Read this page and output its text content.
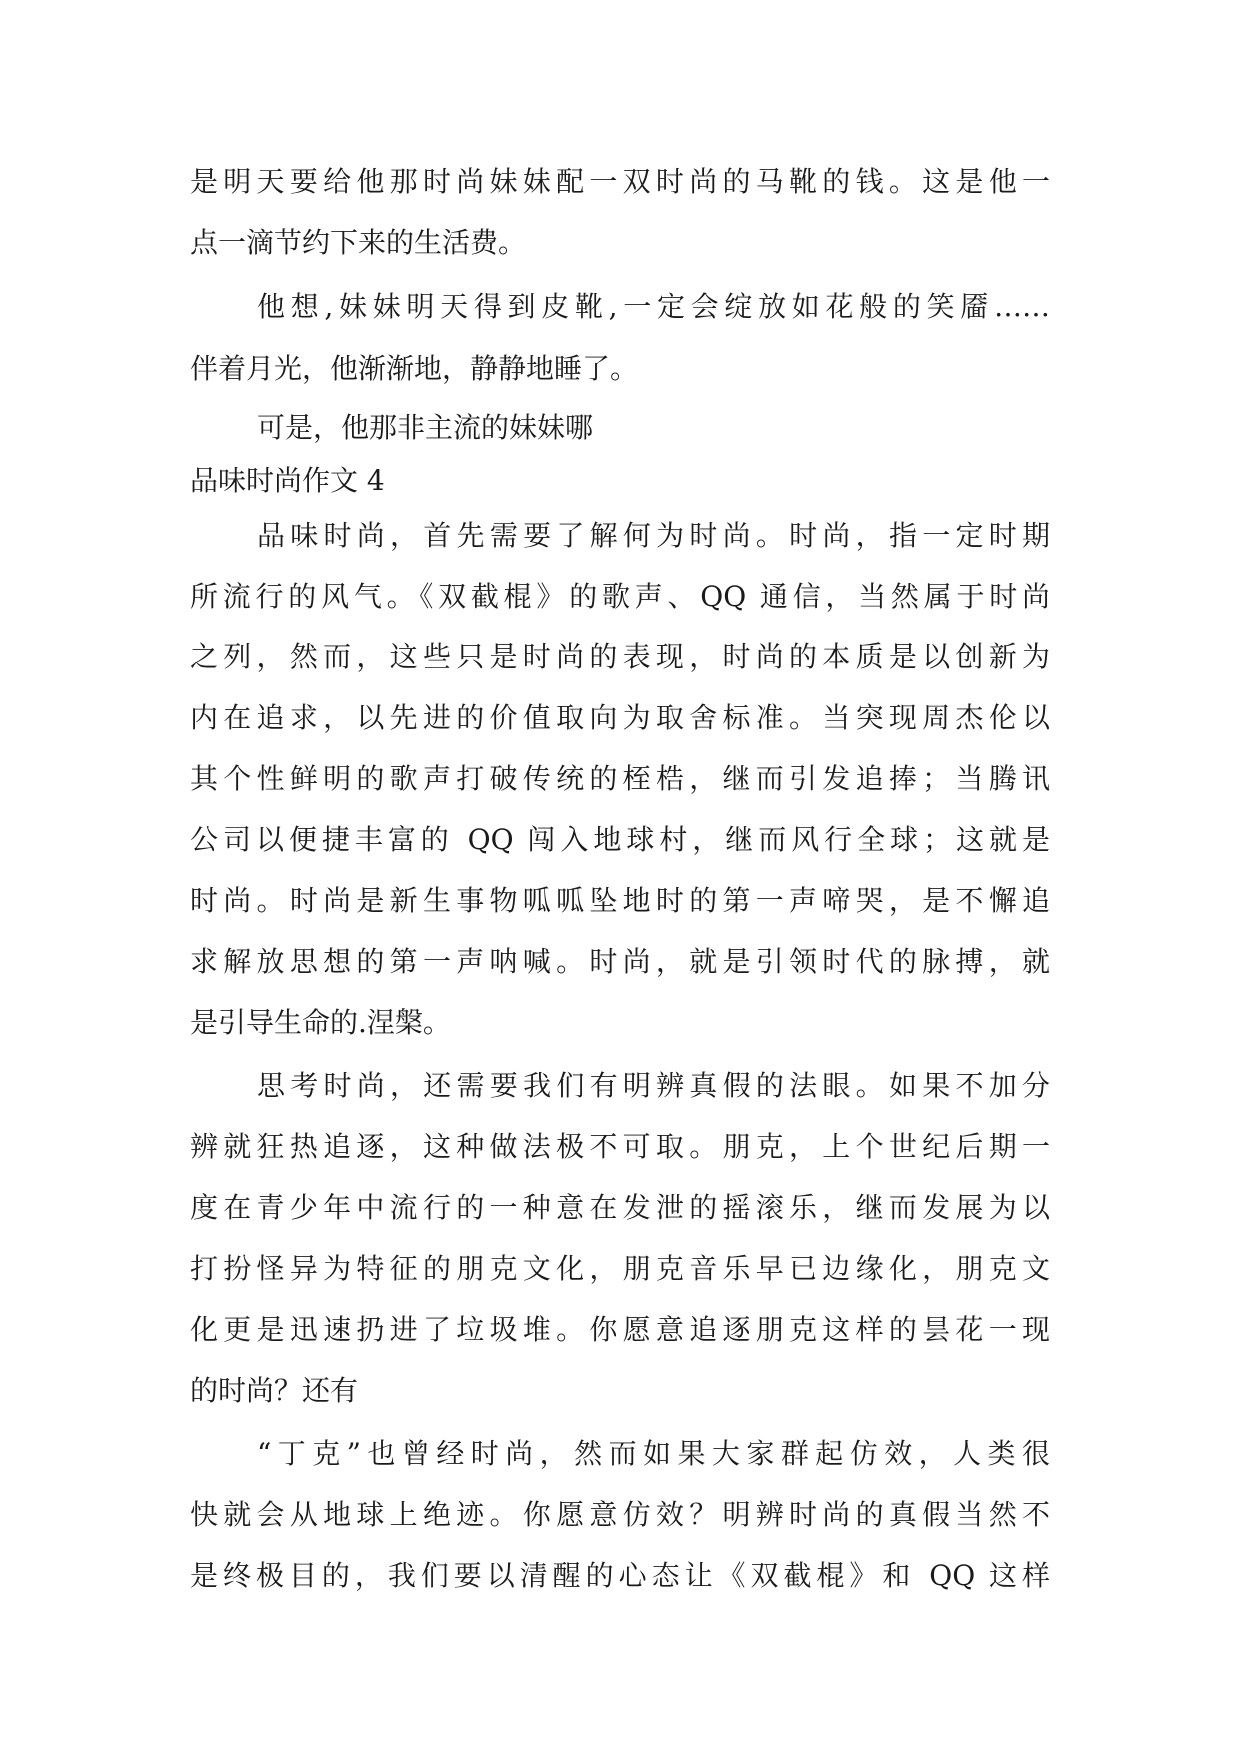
是明天要给他那时尚妹妹配一双时尚的马靴的钱。这是他一
点一滴节约下来的生活费。
他想,妹妹明天得到皮靴,一定会绽放如花般的笑靥……
伴着月光，他渐渐地，静静地睡了。
可是，他那非主流的妹妹哪
品味时尚作文 4
品味时尚，首先需要了解何为时尚。时尚，指一定时期
所流行的风气。《双截棍》的歌声、QQ 通信，当然属于时尚
之列，然而，这些只是时尚的表现，时尚的本质是以创新为
内在追求，以先进的价值取向为取舍标准。当突现周杰伦以
其个性鲜明的歌声打破传统的桎梏，继而引发追捧；当腾讯
公司以便捷丰富的 QQ 闯入地球村，继而风行全球；这就是
时尚。时尚是新生事物呱呱坠地时的第一声啼哭，是不懈追
求解放思想的第一声呐喊。时尚，就是引领时代的脉搏，就
是引导生命的.涅槃。
思考时尚，还需要我们有明辨真假的法眼。如果不加分
辨就狂热追逐，这种做法极不可取。朋克，上个世纪后期一
度在青少年中流行的一种意在发泄的摇滚乐，继而发展为以
打扮怪异为特征的朋克文化，朋克音乐早已边缘化，朋克文
化更是迅速扔进了垃圾堆。你愿意追逐朋克这样的昙花一现
的时尚？还有
“丁克”也曾经时尚，然而如果大家群起仿效，人类很
快就会从地球上绝迹。你愿意仿效？明辨时尚的真假当然不
是终极目的，我们要以清醒的心态让《双截棍》和 QQ 这样
